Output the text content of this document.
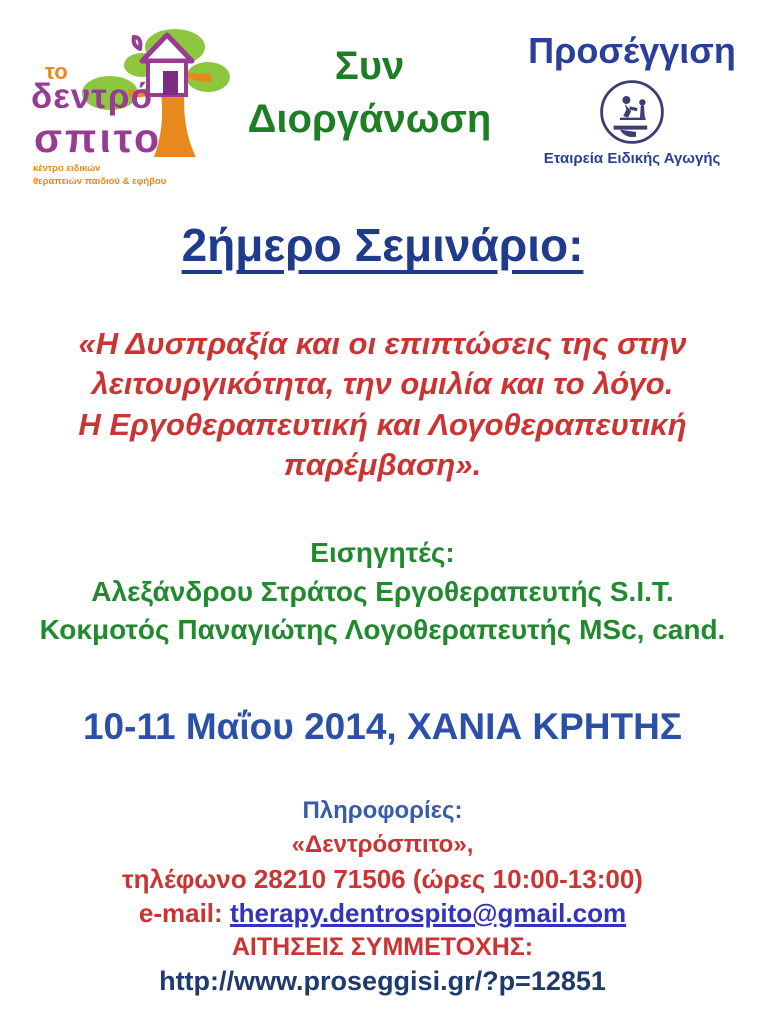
το
δεντρό
σπιτο
κέντρο ειδικών
θεραπειών παιδιού & εφήβου
Συν
Διοργάνωση
Προσέγγιση
Εταιρεία Ειδικής Αγωγής
2ήμερο Σεμινάριο:
«Η Δυσπραξία και οι επιπτώσεις της στην
λειτουργικότητα, την ομιλία και το λόγο.
Η Εργοθεραπευτική και Λογοθεραπευτική
παρέμβαση».
Εισηγητές:
Αλεξάνδρου Στράτος Εργοθεραπευτής S.I.T.
Κοκμοτός Παναγιώτης Λογοθεραπευτής MSc, cand.
10-11 Μαΐου 2014, ΧΑΝΙΑ ΚΡΗΤΗΣ
Πληροφορίες:
«Δεντρόσπιτο»,
τηλέφωνο 28210 71506 (ώρες 10:00-13:00)
e-mail: therapy.dentrospito@gmail.com
ΑΙΤΗΣΕΙΣ ΣΥΜΜΕΤΟΧΗΣ:
http://www.proseggisi.gr/?p=12851
